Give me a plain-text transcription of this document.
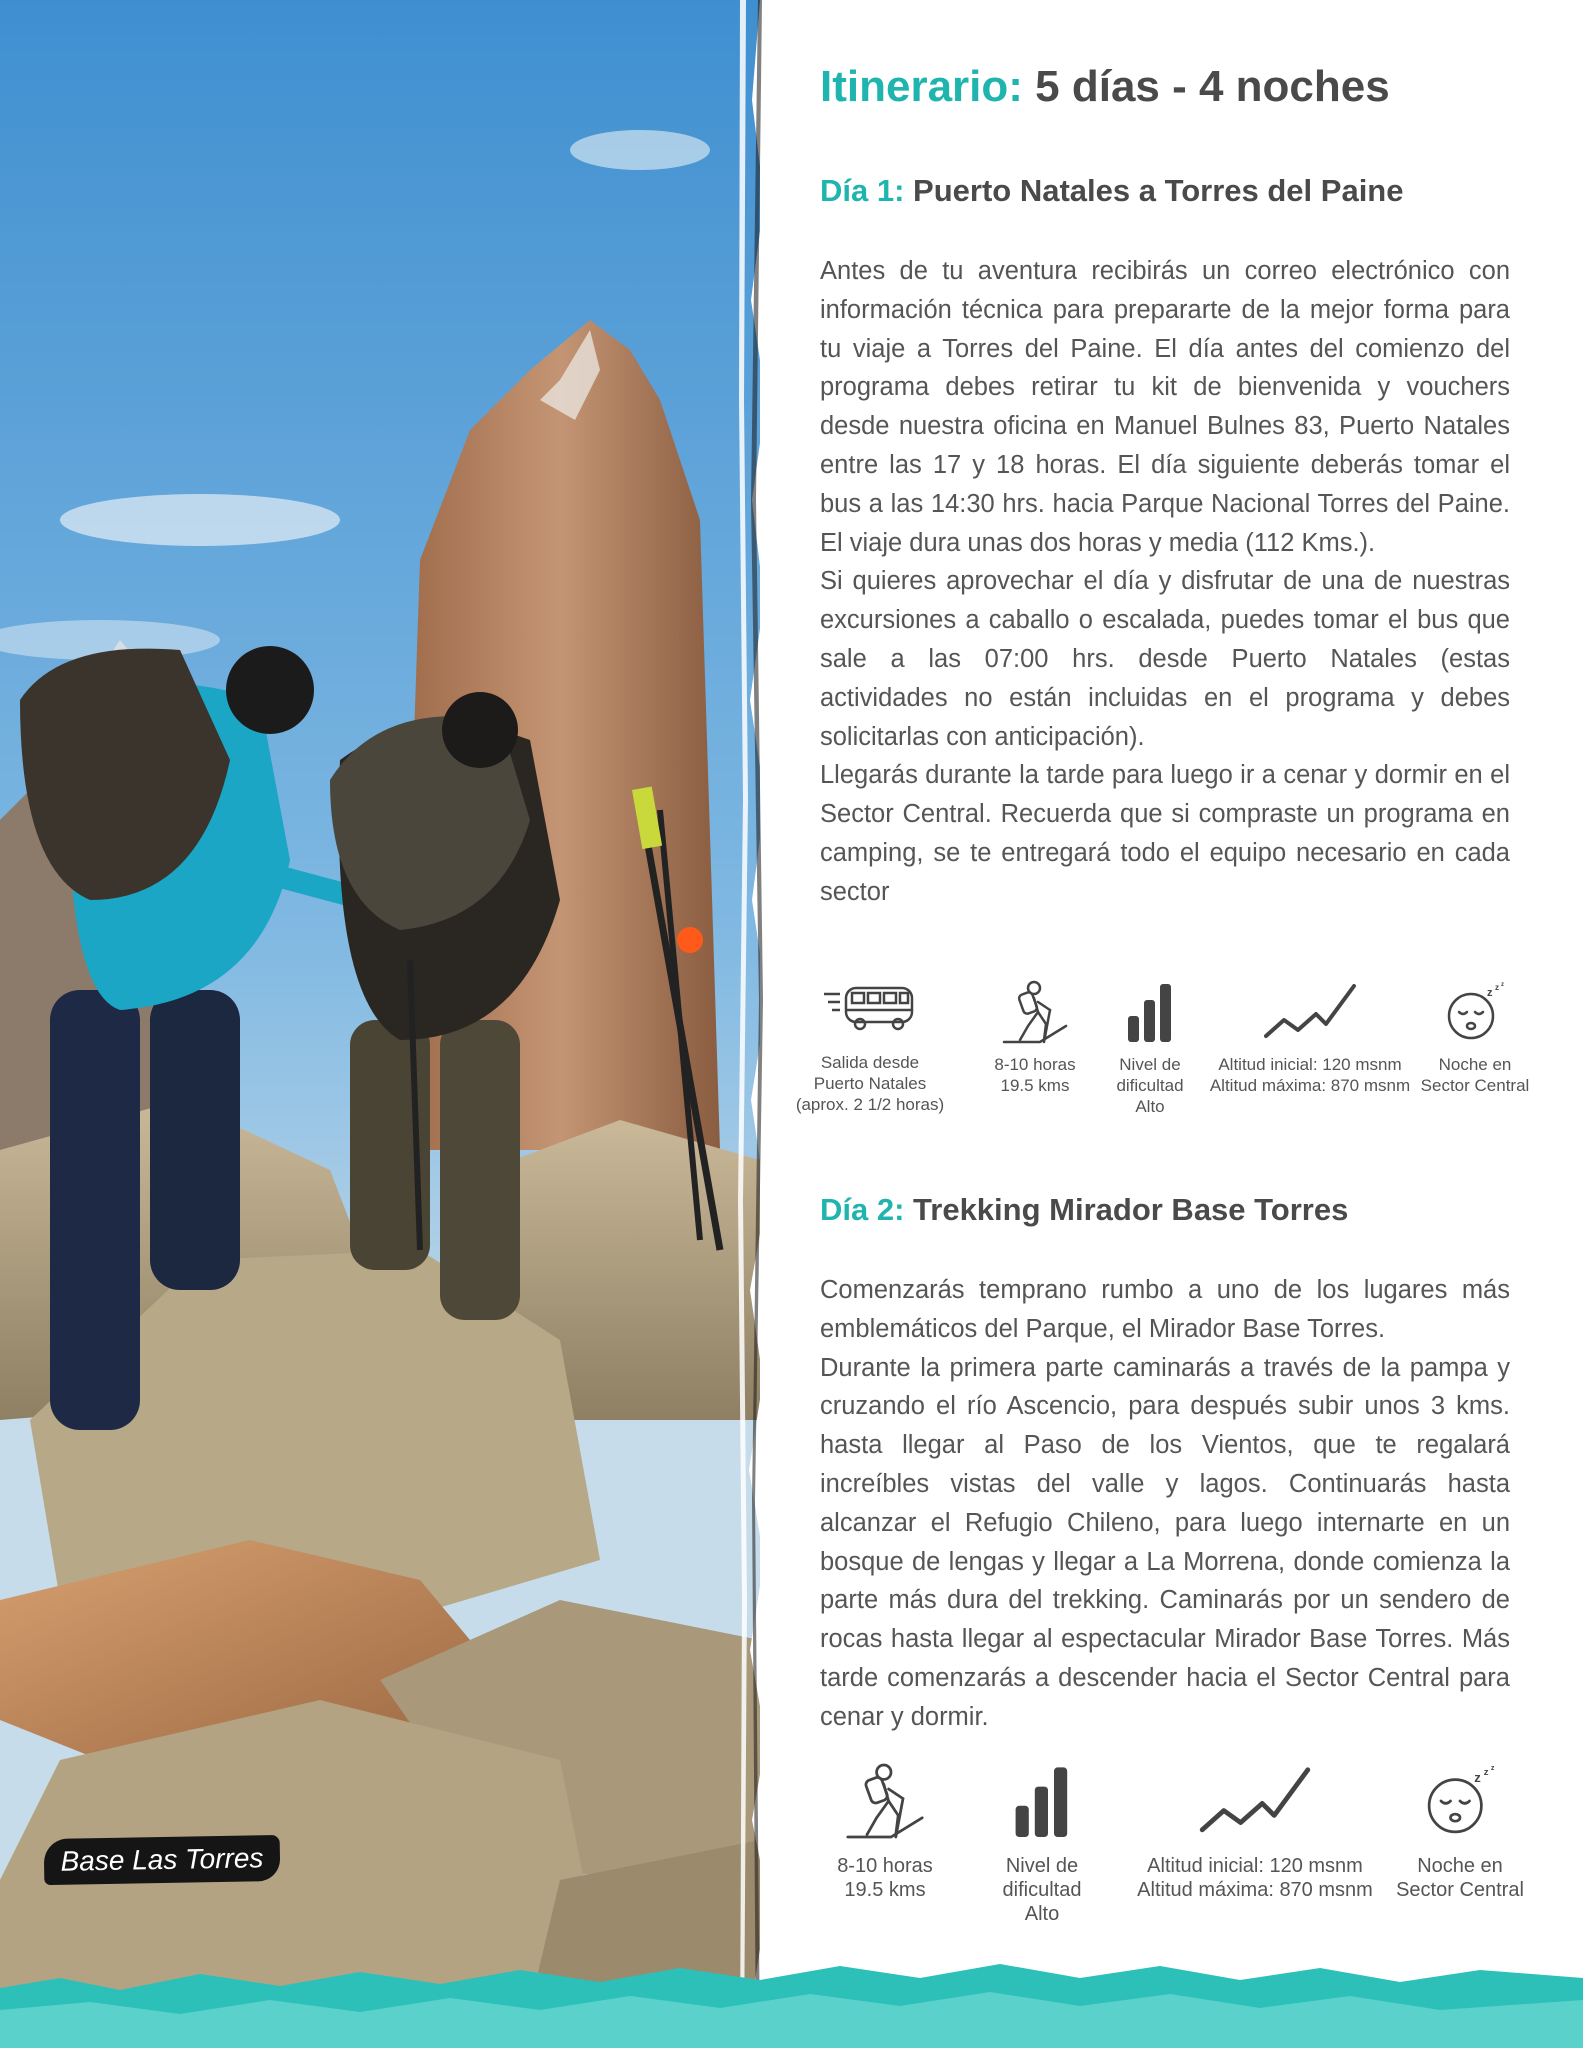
Base Las Torres
Itinerario: 5 días - 4 noches
Día 1: Puerto Natales a Torres del Paine

Antes de tu aventura recibirás un correo electrónico con información técnica para prepararte de la mejor forma para tu viaje a Torres del Paine. El día antes del comienzo del programa debes retirar tu kit de bienvenida y vouchers desde nuestra oficina en Manuel Bulnes 83, Puerto Natales entre las 17 y 18 horas. El día siguiente deberás tomar el bus a las 14:30 hrs. hacia Parque Nacional Torres del Paine. El viaje dura unas dos horas y media (112 Kms.).

Si quieres aprovechar el día y disfrutar de una de nuestras excursiones a caballo o escalada, puedes tomar el bus que sale a las 07:00 hrs. desde Puerto Natales (estas actividades no están incluidas en el programa y debes solicitarlas con anticipación).

Llegarás durante la tarde para luego ir a cenar y dormir en el Sector Central. Recuerda que si compraste un programa en camping, se te entregará todo el equipo necesario en cada sector

Salida desde
Puerto Natales
(aprox. 2 1/2 horas)
8-10 horas
19.5 kms
Nivel de
dificultad
Alto
Altitud inicial: 120 msnm
Altitud máxima: 870 msnm
z z z
Noche en
Sector Central
Día 2: Trekking Mirador Base Torres

Comenzarás temprano rumbo a uno de los lugares más emblemáticos del Parque, el Mirador Base Torres.

Durante la primera parte caminarás a través de la pampa y cruzando el río Ascencio, para después subir unos 3 kms. hasta llegar al Paso de los Vientos, que te regalará increíbles vistas del valle y lagos. Continuarás hasta alcanzar el Refugio Chileno, para luego internarte en un bosque de lengas y llegar a La Morrena, donde comienza la parte más dura del trekking. Caminarás por un sendero de rocas hasta llegar al espectacular Mirador Base Torres. Más tarde comenzarás a descender hacia el Sector Central para cenar y dormir.

8-10 horas
19.5 kms
Nivel de
dificultad
Alto
Altitud inicial: 120 msnm
Altitud máxima: 870 msnm
z z z
Noche en
Sector Central
